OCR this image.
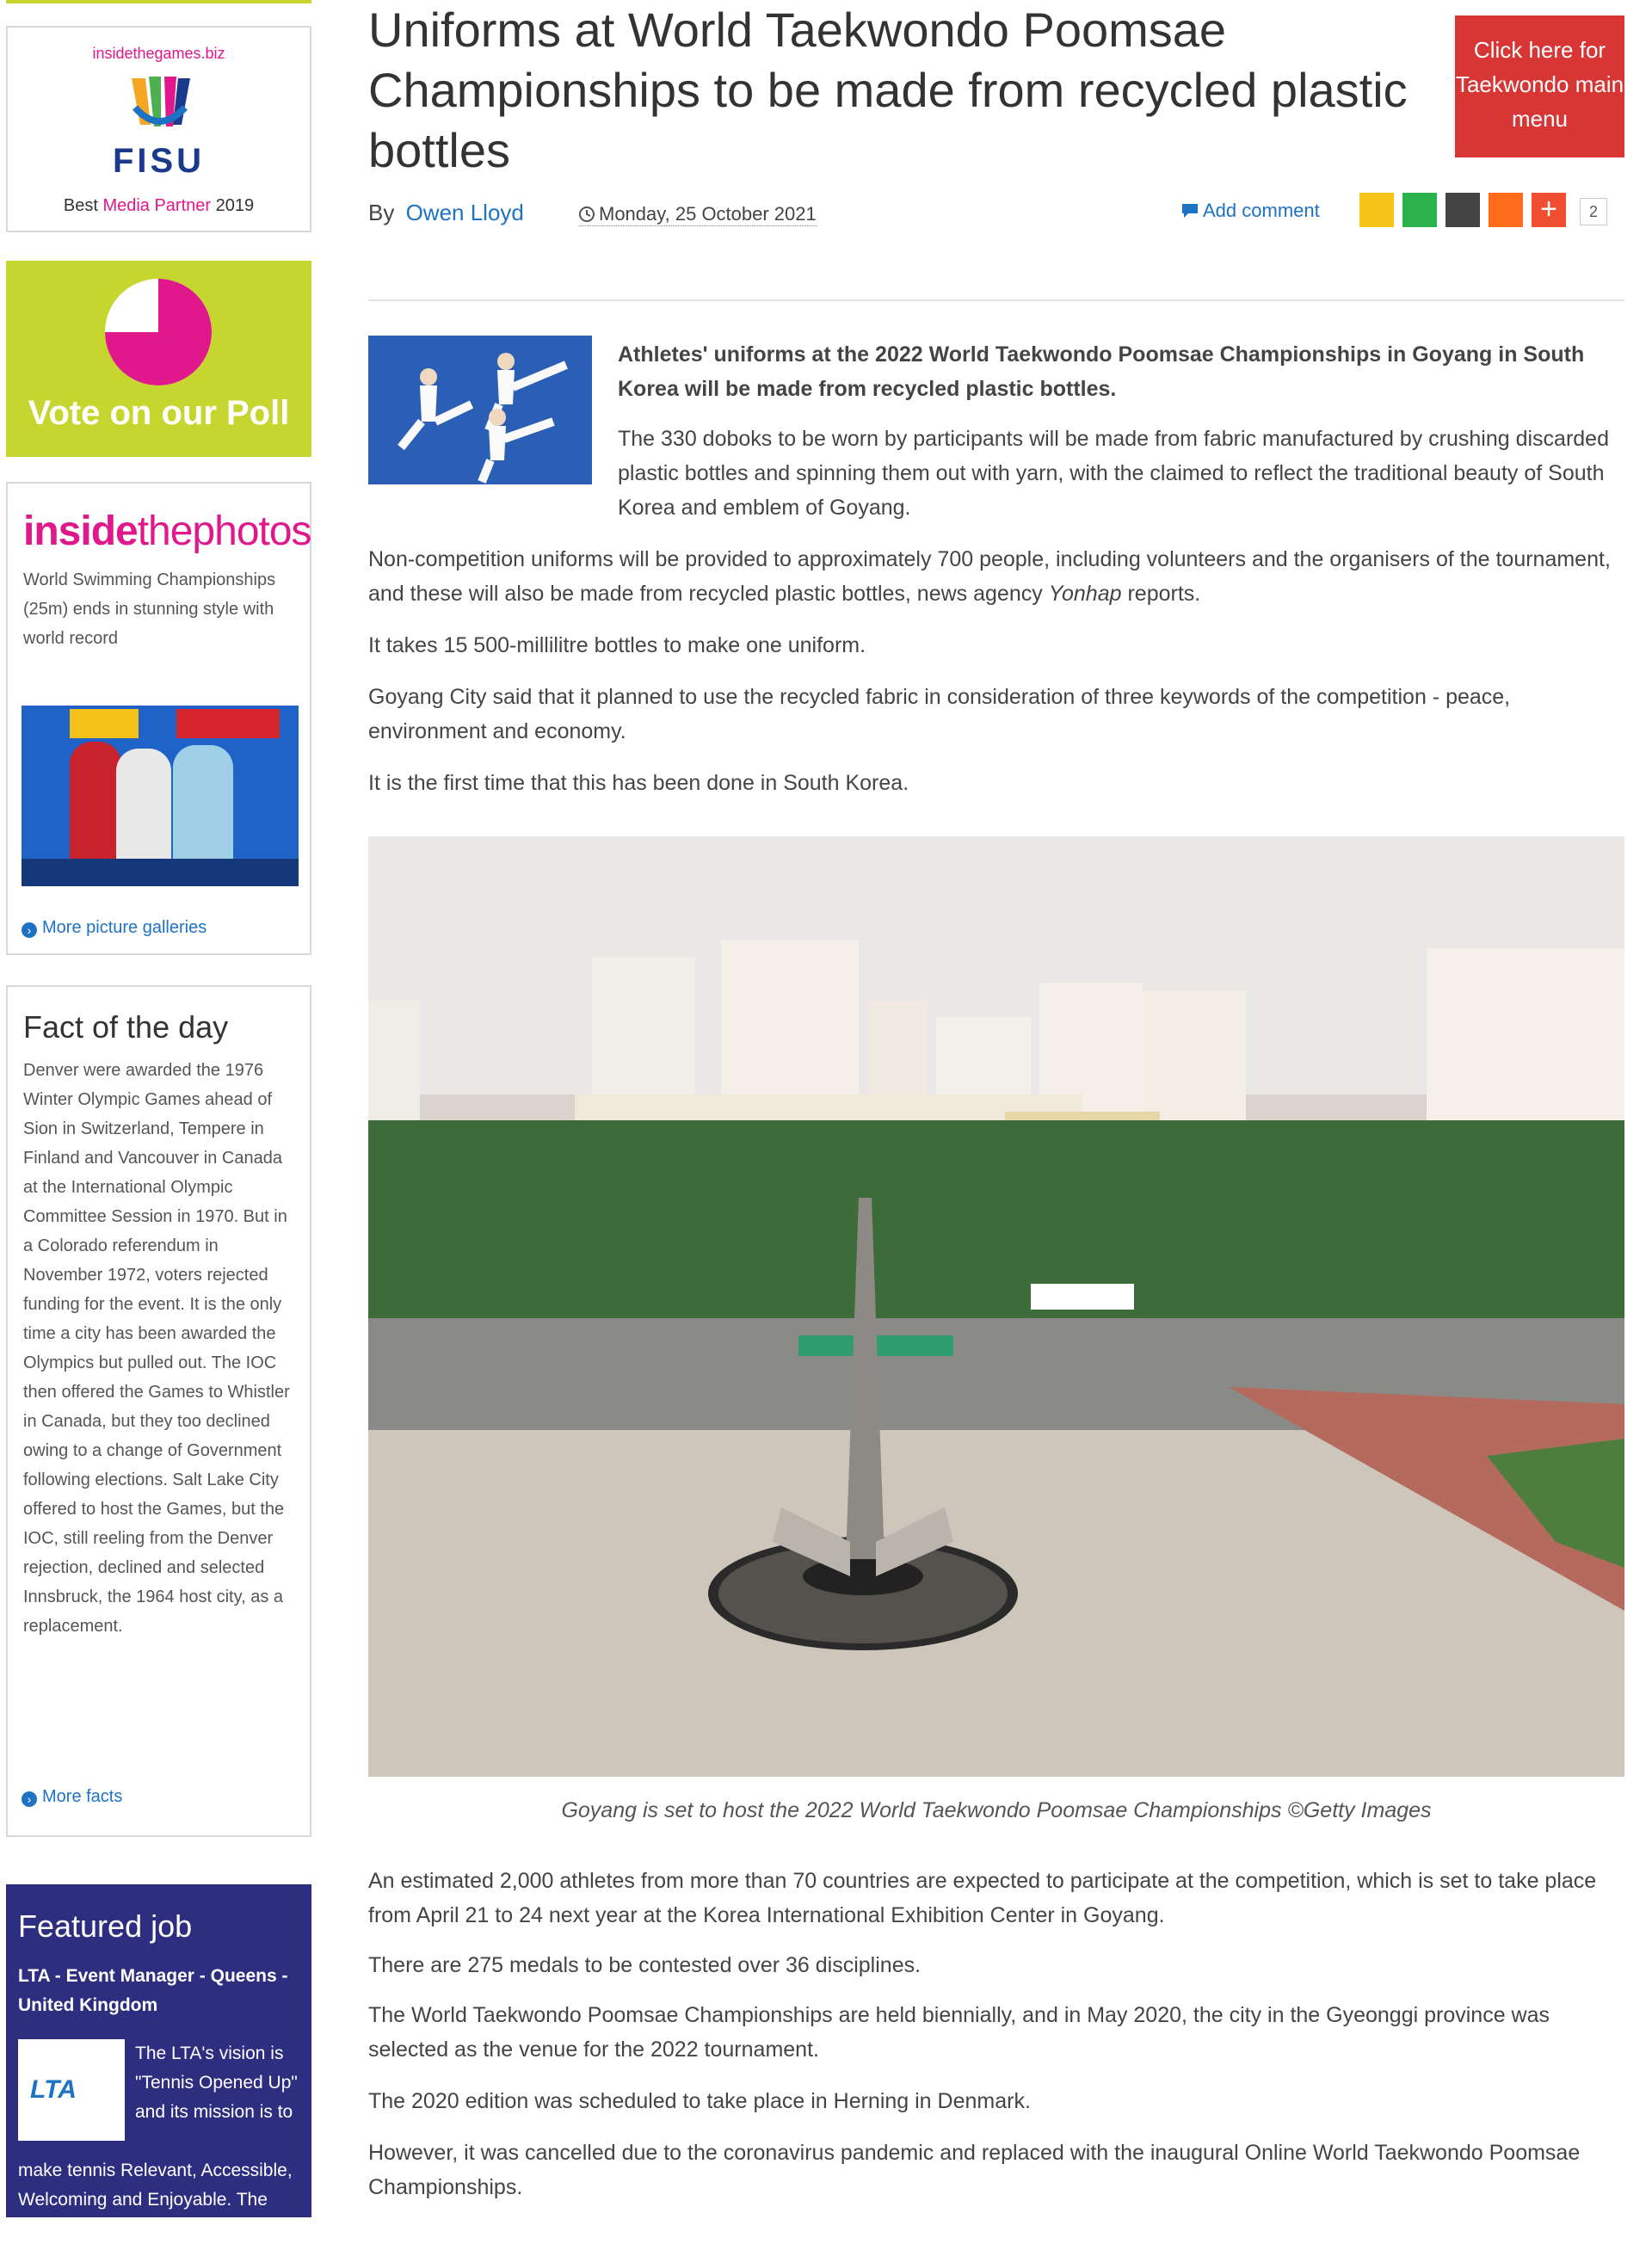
insidethegames.biz
FISU
Best Media Partner 2019
Vote on our Poll
insidethephotos
World Swimming Championships (25m) ends in stunning style with world record
› More picture galleries
Fact of the day
Denver were awarded the 1976 Winter Olympic Games ahead of Sion in Switzerland, Tempere in Finland and Vancouver in Canada at the International Olympic Committee Session in 1970. But in a Colorado referendum in November 1972, voters rejected funding for the event. It is the only time a city has been awarded the Olympics but pulled out. The IOC then offered the Games to Whistler in Canada, but they too declined owing to a change of Government following elections. Salt Lake City offered to host the Games, but the IOC, still reeling from the Denver rejection, declined and selected Innsbruck, the 1964 host city, as a replacement.
› More facts
Featured job
LTA - Event Manager - Queens - United Kingdom
LTA
The LTA's vision is "Tennis Opened Up" and its mission is to
make tennis Relevant, Accessible, Welcoming and Enjoyable. The Major Events
Uniforms at World Taekwondo Poomsae Championships to be made from recycled plastic bottles
Click here for Taekwondo main menu
By Owen Lloyd	Monday, 25 October 2021	Add comment	+	2
Athletes' uniforms at the 2022 World Taekwondo Poomsae Championships in Goyang in South Korea will be made from recycled plastic bottles.
The 330 doboks to be worn by participants will be made from fabric manufactured by crushing discarded plastic bottles and spinning them out with yarn, with the claimed to reflect the traditional beauty of South Korea and emblem of Goyang.
Non-competition uniforms will be provided to approximately 700 people, including volunteers and the organisers of the tournament, and these will also be made from recycled plastic bottles, news agency Yonhap reports.
It takes 15 500-millilitre bottles to make one uniform.
Goyang City said that it planned to use the recycled fabric in consideration of three keywords of the competition - peace, environment and economy.
It is the first time that this has been done in South Korea.
Goyang is set to host the 2022 World Taekwondo Poomsae Championships ©Getty Images
An estimated 2,000 athletes from more than 70 countries are expected to participate at the competition, which is set to take place from April 21 to 24 next year at the Korea International Exhibition Center in Goyang.
There are 275 medals to be contested over 36 disciplines.
The World Taekwondo Poomsae Championships are held biennially, and in May 2020, the city in the Gyeonggi province was selected as the venue for the 2022 tournament.
The 2020 edition was scheduled to take place in Herning in Denmark.
However, it was cancelled due to the coronavirus pandemic and replaced with the inaugural Online World Taekwondo Poomsae Championships.
